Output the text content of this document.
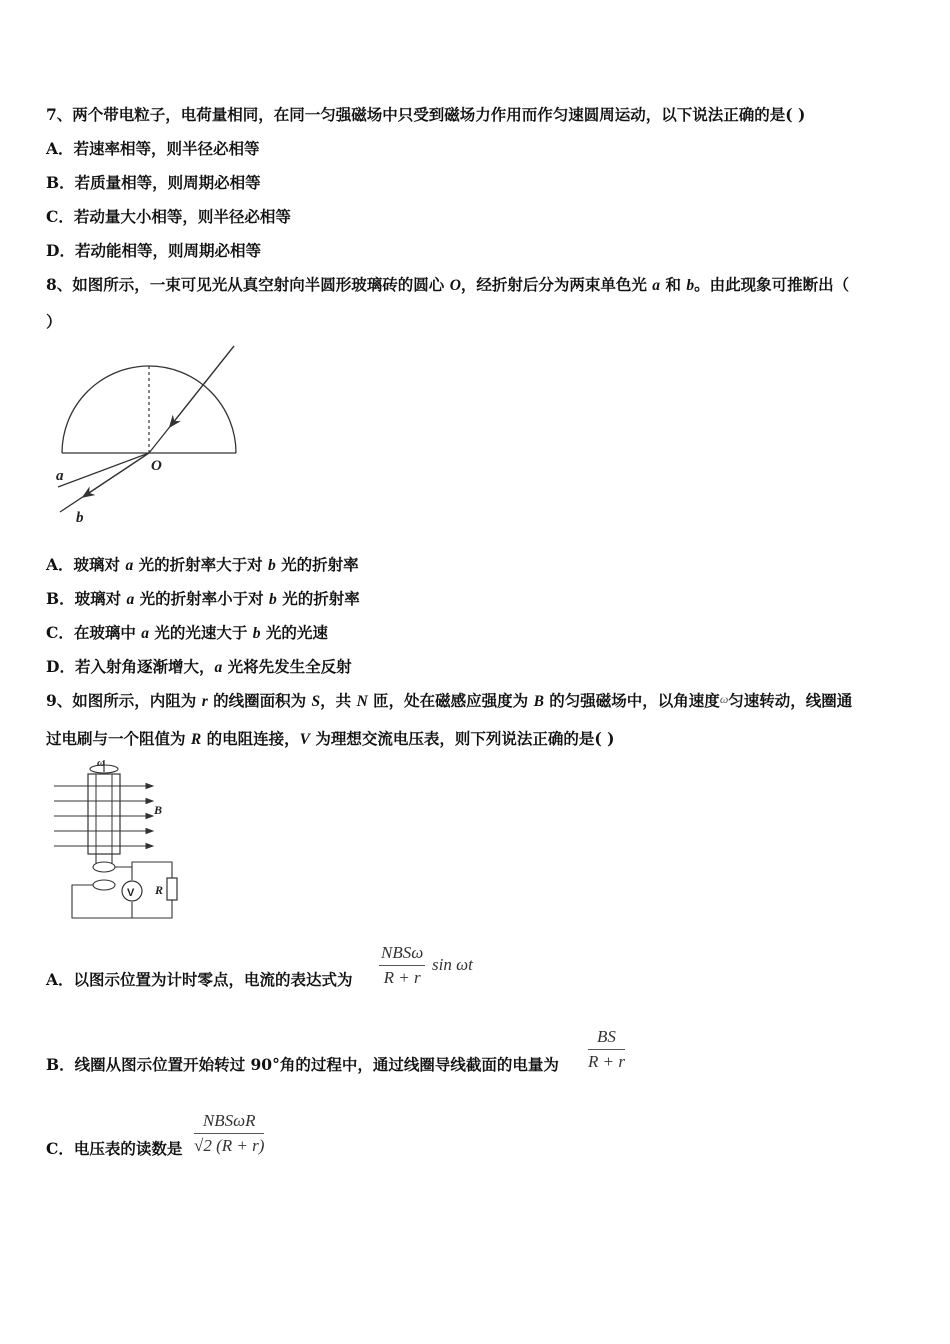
7、两个带电粒子，电荷量相同，在同一匀强磁场中只受到磁场力作用而作匀速圆周运动，以下说法正确的是( )
A．若速率相等，则半径必相等
B．若质量相等，则周期必相等
C．若动量大小相等，则半径必相等
D．若动能相等，则周期必相等
8、如图所示，一束可见光从真空射向半圆形玻璃砖的圆心 O，经折射后分为两束单色光 a 和 b。由此现象可推断出（
）
O
a
b
A．玻璃对 a 光的折射率大于对 b 光的折射率
B．玻璃对 a 光的折射率小于对 b 光的折射率
C．在玻璃中 a 光的光速大于 b 光的光速
D．若入射角逐渐增大，a 光将先发生全反射
9、如图所示，内阻为 r 的线圈面积为 S，共 N 匝，处在磁感应强度为 B 的匀强磁场中，以角速度ω匀速转动，线圈通
过电刷与一个阻值为 R 的电阻连接，V 为理想交流电压表，则下列说法正确的是( )
ω
B
V R
A．以图示位置为计时零点，电流的表达式为
NBSω
R + r
sin ωt
B．线圈从图示位置开始转过 90°角的过程中，通过线圈导线截面的电量为
BS
R + r
C．电压表的读数是
NBSωR
√2 (R + r)
